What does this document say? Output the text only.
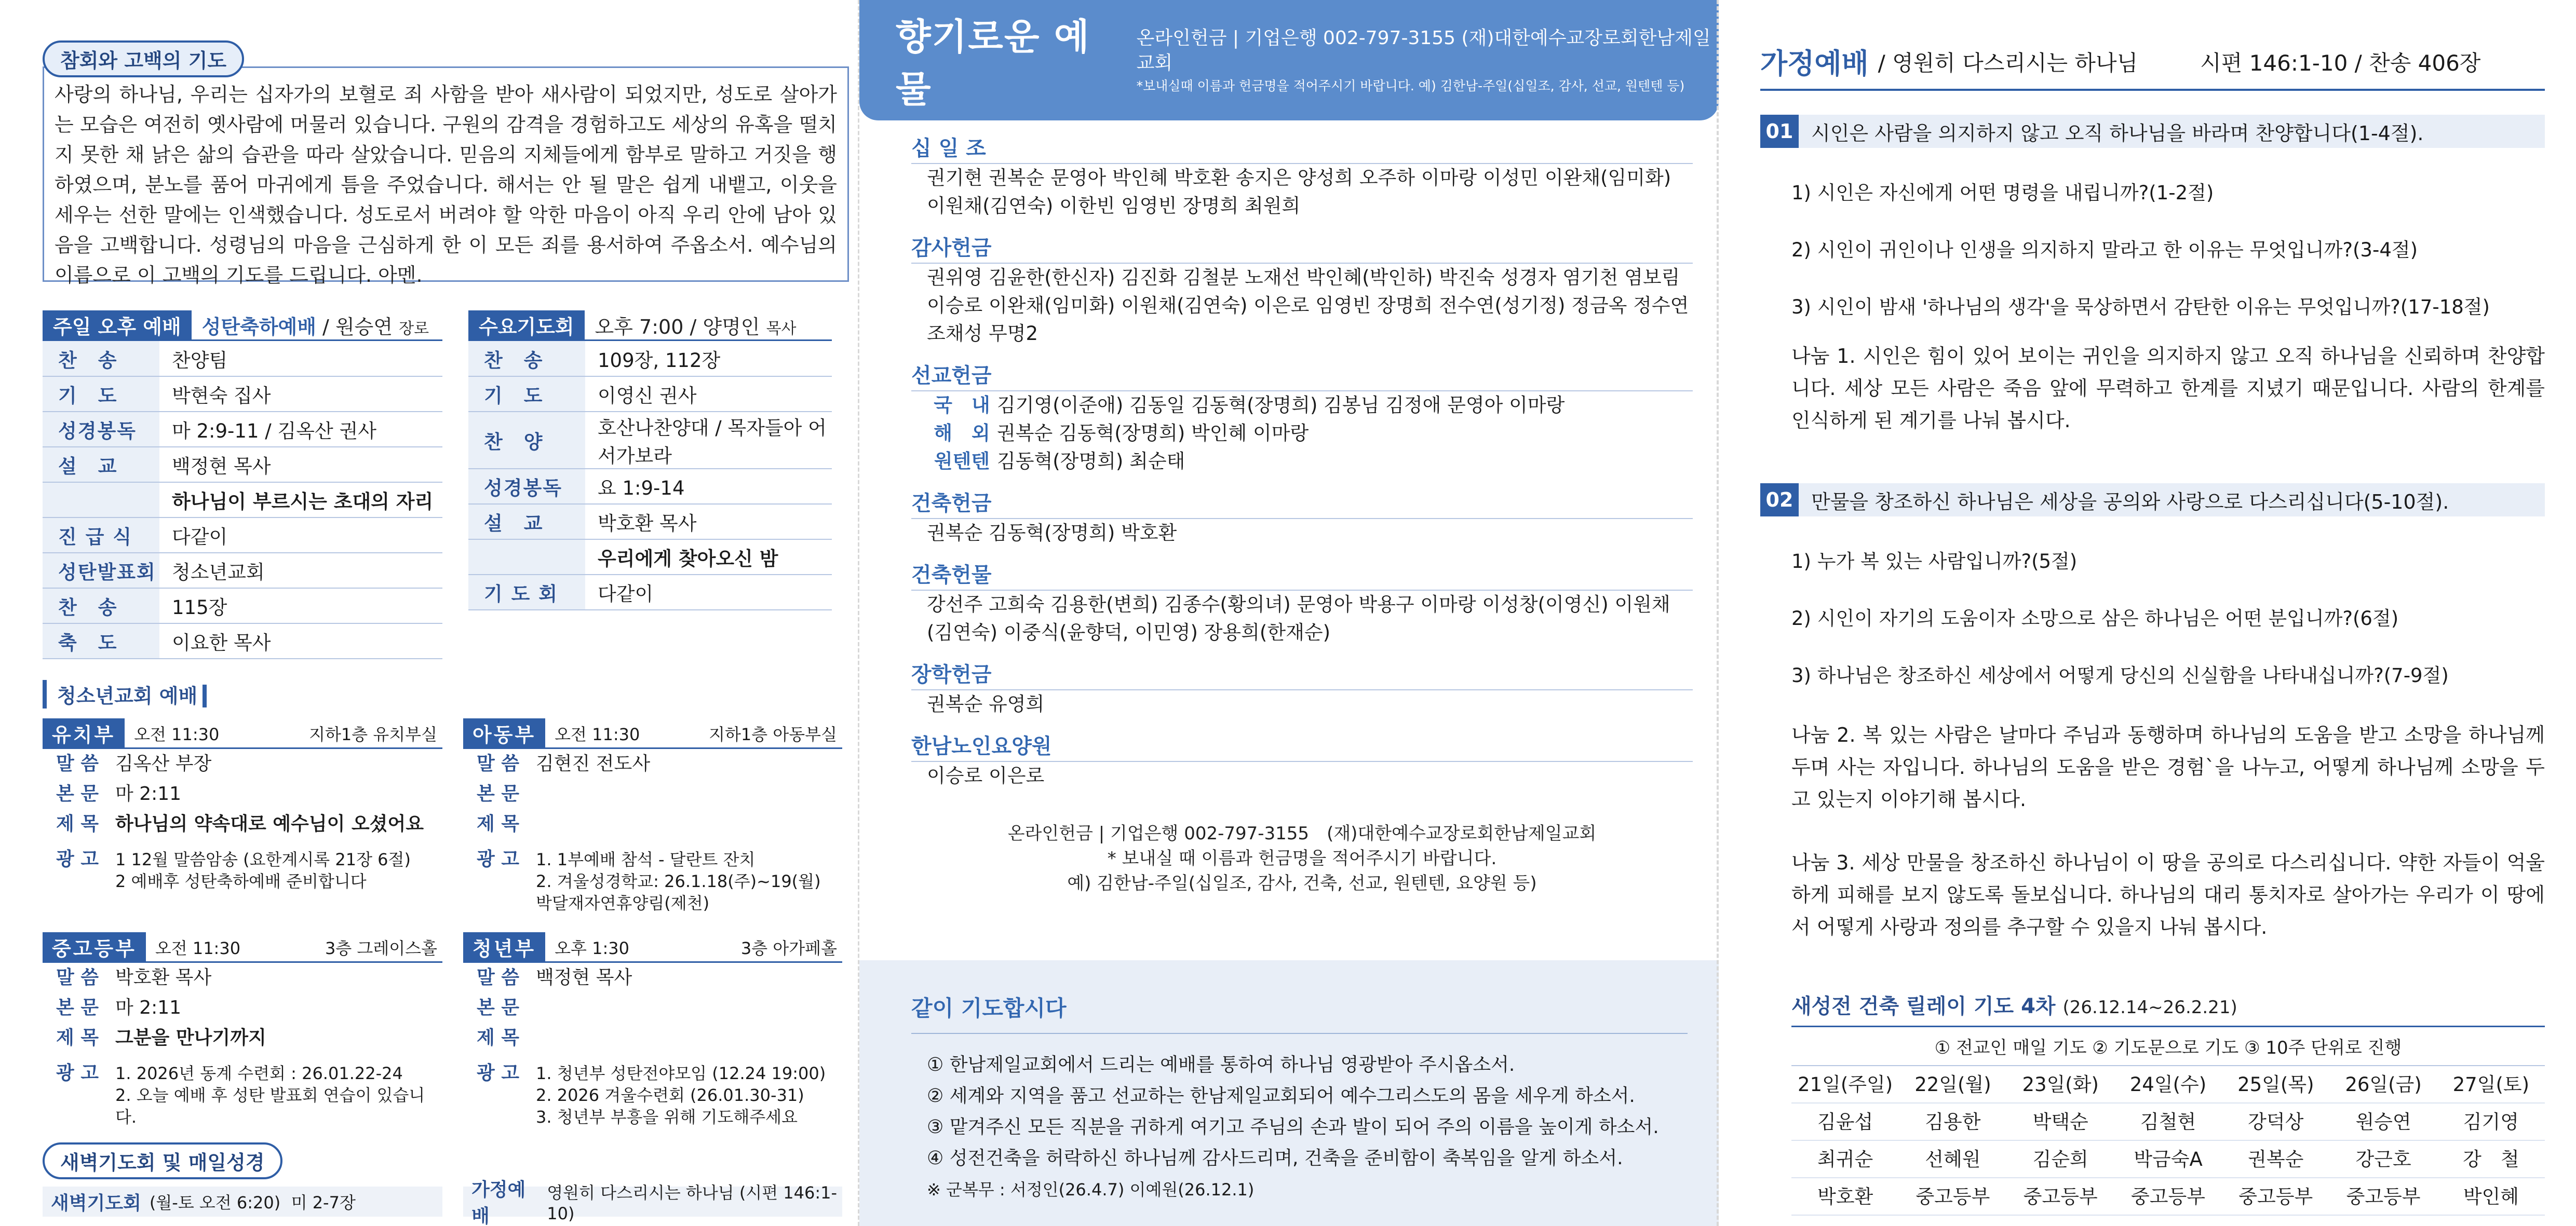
참회와 고백의 기도

사랑의 하나님, 우리는 십자가의 보혈로 죄 사함을 받아 새사람이 되었지만, 성도로 살아가는 모습은 여전히 옛사람에 머물러 있습니다. 구원의 감격을 경험하고도 세상의 유혹을 떨치지 못한 채 낡은 삶의 습관을 따라 살았습니다. 믿음의 지체들에게 함부로 말하고 거짓을 행하였으며, 분노를 품어 마귀에게 틈을 주었습니다. 해서는 안 될 말은 쉽게 내뱉고, 이웃을 세우는 선한 말에는 인색했습니다. 성도로서 버려야 할 악한 마음이 아직 우리 안에 남아 있음을 고백합니다. 성령님의 마음을 근심하게 한 이 모든 죄를 용서하여 주옵소서. 예수님의 이름으로 이 고백의 기도를 드립니다. 아멘.

주일 오후 예배	성탄축하예배 / 원승연 장로
찬　송	찬양팀
기　도	박현숙 집사
성경봉독	마 2:9-11 / 김옥산 권사
설　교	백정현 목사
	하나님이 부르시는 초대의 자리
진 급 식	다같이
성탄발표회	청소년교회
찬　송	115장
축　도	이요한 목사
수요기도회	오후 7:00 / 양명인 목사
찬　송	109장, 112장
기　도	이영신 권사
찬　양	호산나찬양대 / 목자들아 어서가보라
성경봉독	요 1:9-14
설　교	박호환 목사
	우리에게 찾아오신 밤
기 도 회	다같이
청소년교회 예배
유치부	오전 11:30	지하1층 유치부실
말 씀 김옥산 부장
본 문 마 2:11
제 목 하나님의 약속대로 예수님이 오셨어요
광 고 1 12월 말씀암송 (요한계시록 21장 6절)
2 예배후 성탄축하예배 준비합니다
아동부	오전 11:30	지하1층 아동부실
말 씀 김현진 전도사
본 문
제 목
광 고 1. 1부예배 참석 - 달란트 잔치
2. 겨울성경학교: 26.1.18(주)~19(월)
박달재자연휴양림(제천)
중고등부	오전 11:30	3층 그레이스홀
말 씀 박호환 목사
본 문 마 2:11
제 목 그분을 만나기까지
광 고 1. 2026년 동계 수련회 : 26.01.22-24
2. 오늘 예배 후 성탄 발표회 연습이 있습니다.
청년부	오후 1:30	3층 아가페홀
말 씀 백정현 목사
본 문
제 목
광 고 1. 청년부 성탄전야모임 (12.24 19:00)
2. 2026 겨울수련회 (26.01.30-31)
3. 청년부 부흥을 위해 기도해주세요
새벽기도회 및 매일성경
새벽기도회 (월-토 오전 6:20)
미 2-7장
가정예배
영원히 다스리시는 하나님 (시편 146:1-10)
향기로운 예물
온라인헌금 | 기업은행 002-797-3155 (재)대한예수교장로회한남제일교회
*보내실때 이름과 헌금명을 적어주시기 바랍니다. 예) 김한남-주일(십일조, 감사, 선교, 원텐텐 등)
십 일 조

권기현 권복순 문영아 박인혜 박호환 송지은 양성희 오주하 이마랑 이성민 이완채(임미화) 이원채(김연숙) 이한빈 임영빈 장명희 최원희

감사헌금

권위영 김윤한(한신자) 김진화 김철분 노재선 박인혜(박인하) 박진숙 성경자 염기천 염보림 이승로 이완채(임미화) 이원채(김연숙) 이은로 임영빈 장명희 전수연(성기정) 정금옥 정수연 조채성 무명2

선교헌금

국　내 김기영(이준애) 김동일 김동혁(장명희) 김봉님 김정애 문영아 이마랑

해　외 권복순 김동혁(장명희) 박인혜 이마랑

원텐텐 김동혁(장명희) 최순태

건축헌금

권복순 김동혁(장명희) 박호환

건축헌물

강선주 고희숙 김용한(변희) 김종수(황의녀) 문영아 박용구 이마랑 이성창(이영신) 이원채(김연숙) 이중식(윤향덕, 이민영) 장용희(한재순)

장학헌금

권복순 유영희

한남노인요양원

이승로 이은로

온라인헌금 | 기업은행 002-797-3155　(재)대한예수교장로회한남제일교회
* 보내실 때 이름과 헌금명을 적어주시기 바랍니다.
예) 김한남-주일(십일조, 감사, 건축, 선교, 원텐텐, 요양원 등)
같이 기도합시다

① 한남제일교회에서 드리는 예배를 통하여 하나님 영광받아 주시옵소서.

② 세계와 지역을 품고 선교하는 한남제일교회되어 예수그리스도의 몸을 세우게 하소서.

③ 맡겨주신 모든 직분을 귀하게 여기고 주님의 손과 발이 되어 주의 이름을 높이게 하소서.

④ 성전건축을 허락하신 하나님께 감사드리며, 건축을 준비함이 축복임을 알게 하소서.

※ 군복무 : 서정인(26.4.7) 이예원(26.12.1)

가정예배 / 영원히 다스리시는 하나님	시편 146:1-10 / 찬송 406장
01 시인은 사람을 의지하지 않고 오직 하나님을 바라며 찬양합니다(1-4절).
1) 시인은 자신에게 어떤 명령을 내립니까?(1-2절)
2) 시인이 귀인이나 인생을 의지하지 말라고 한 이유는 무엇입니까?(3-4절)
3) 시인이 밤새 '하나님의 생각'을 묵상하면서 감탄한 이유는 무엇입니까?(17-18절)

나눔 1. 시인은 힘이 있어 보이는 귀인을 의지하지 않고 오직 하나님을 신뢰하며 찬양합니다. 세상 모든 사람은 죽음 앞에 무력하고 한계를 지녔기 때문입니다. 사람의 한계를 인식하게 된 계기를 나눠 봅시다.

02 만물을 창조하신 하나님은 세상을 공의와 사랑으로 다스리십니다(5-10절).
1) 누가 복 있는 사람입니까?(5절)
2) 시인이 자기의 도움이자 소망으로 삼은 하나님은 어떤 분입니까?(6절)
3) 하나님은 창조하신 세상에서 어떻게 당신의 신실함을 나타내십니까?(7-9절)

나눔 2. 복 있는 사람은 날마다 주님과 동행하며 하나님의 도움을 받고 소망을 하나님께 두며 사는 자입니다. 하나님의 도움을 받은 경험`을 나누고, 어떻게 하나님께 소망을 두고 있는지 이야기해 봅시다.

나눔 3. 세상 만물을 창조하신 하나님이 이 땅을 공의로 다스리십니다. 약한 자들이 억울하게 피해를 보지 않도록 돌보십니다. 하나님의 대리 통치자로 살아가는 우리가 이 땅에서 어떻게 사랑과 정의를 추구할 수 있을지 나눠 봅시다.

새성전 건축 릴레이 기도 4차 (26.12.14~26.2.21)
① 전교인 매일 기도 ② 기도문으로 기도 ③ 10주 단위로 진행
21일(주일)	22일(월)	23일(화)	24일(수)	25일(목)	26일(금)	27일(토)
김윤섭	김용한	박택순	김철현	강덕상	원승연	김기영
최귀순	선혜원	김순희	박금숙A	권복순	강근호	강　철
박호환	중고등부	중고등부	중고등부	중고등부	중고등부	박인혜
